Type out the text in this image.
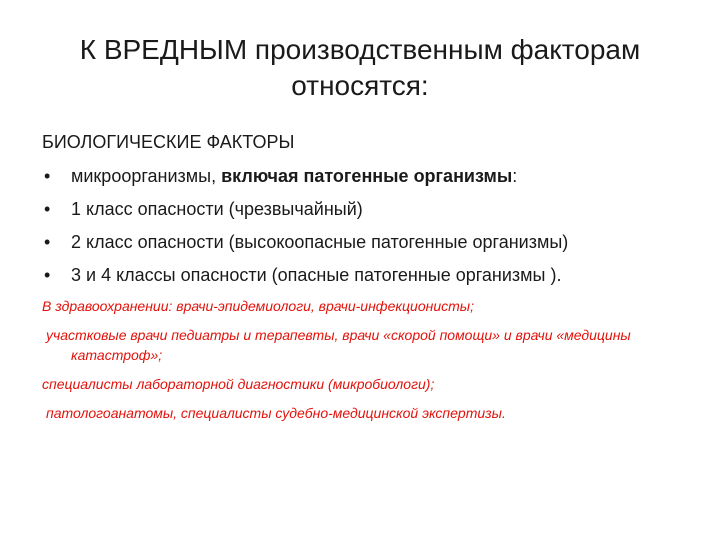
К ВРЕДНЫМ производственным факторам
относятся:
БИОЛОГИЧЕСКИЕ ФАКТОРЫ
• микроорганизмы, включая патогенные организмы:
• 1 класс опасности (чрезвычайный)
• 2 класс опасности (высокоопасные патогенные организмы)
• 3 и 4 классы опасности (опасные патогенные организмы ).
В здравоохранении: врачи-эпидемиологи, врачи-инфекционисты;
участковые врачи педиатры и терапевты, врачи «скорой помощи» и врачи «медицины катастроф»;
специалисты лабораторной диагностики (микробиологи);
патологоанатомы, специалисты судебно-медицинской экспертизы.
